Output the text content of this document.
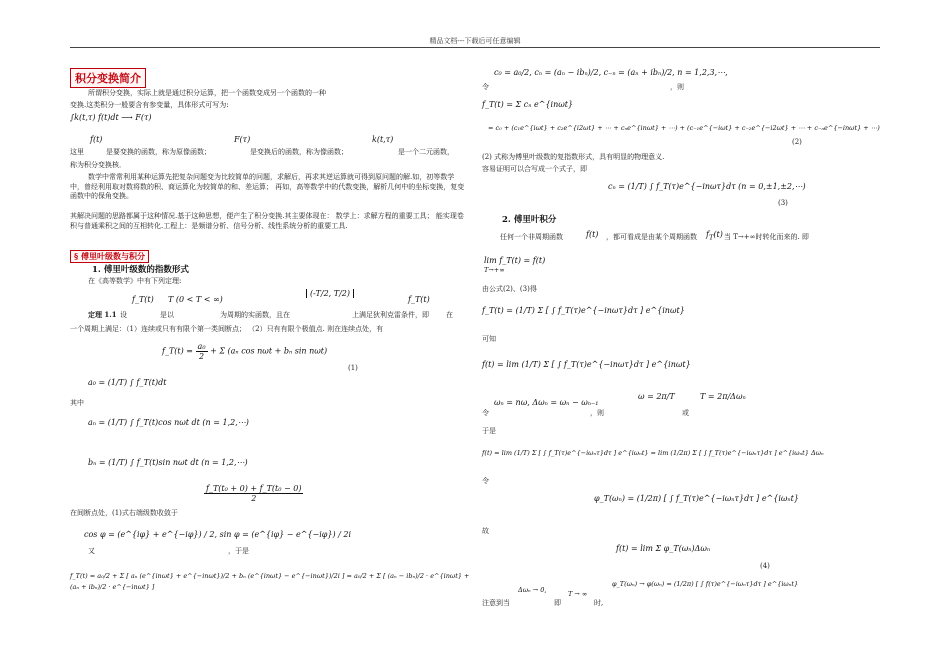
精品文档---下载后可任意编辑
积分变换简介
所谓积分变换，实际上就是通过积分运算，把一个函数变成另一个函数的一种
变换.这类积分一般要含有参变量，具体形式可写为:
∫k(t,τ) f(t)dt ⟶ F(τ)
f(t)	F(τ)	k(t,τ)
这里	是要变换的函数，称为原像函数；	是变换后的函数，称为像函数；	是一个二元函数，
称为积分变换核．
数学中常常利用某种运算先把复杂问题变为比较简单的问题，求解后，再求其逆运算就可得到原问题的解.如，初等数学中，曾经利用取对数将数的积、商运算化为较简单的和、差运算； 再如，高等数学中的代数变换，解析几何中的坐标变换，复变函数中的保角变换。
其解决问题的思路都属于这种情况.基于这种思想，便产生了积分变换.其主要体现在： 数学上：求解方程的重要工具； 能实现卷积与普通乘积之间的互相转化.工程上：是频谱分析、信号分析、线性系统分析的重要工具.
§ 傅里叶级数与积分
1. 傅里叶级数的指数形式
在《高等数学》中有下列定理:
f_T(t) T (0 < T < ∞)
(-T/2, T/2)
f_T(t)
定理 1.1 设	是以	为周期的实函数，且在	上满足狄利克雷条件，即 在
一个周期上满足：（1）连续或只有有限个第一类间断点； （2）只有有限个极值点. 则在连续点处，有
f_T(t) = $\frac{\text{a₀}}{2} + \Sigma$ (aₙ cos nωt + bₙ sin nωt)
(1)
a₀ = (1/T) ∫ f_T(t)dt
其中
aₙ = (1/T) ∫ f_T(t)cos nωt dt (n = 1,2,⋯)
bₙ = (1/T) ∫ f_T(t)sin nωt dt (n = 1,2,⋯)
$\frac{\text{f\_T(t₀ + 0) + f\_T(t₀ − 0)}}{2}$
在间断点处，(1)式右端级数收敛于
cos φ = (e^{iφ} + e^{−iφ}) / 2, sin φ = (e^{iφ} − e^{−iφ}) / 2i
又	，于是
f_T(t) = a₀/2 + Σ [ aₙ (e^{inωt} + e^{−inωt})/2 + bₙ (e^{inωt} − e^{−inωt})/2i ] = a₀/2 + Σ [ (aₙ − ibₙ)/2 · e^{inωt} + (aₙ + ibₙ)/2 · e^{−inωt} ]
c₀ = a₀/2, cₙ = (aₙ − ibₙ)/2, c₋ₙ = (aₙ + ibₙ)/2, n = 1,2,3,⋯,
令	，则
f_T(t) = Σ cₙ e^{inωt}
= c₀ + (c₁e^{iωt} + c₂e^{i2ωt} + ⋯ + cₙe^{inωt} + ⋯) + (c₋₁e^{−iωt} + c₋₂e^{−i2ωt} + ⋯ + c₋ₙe^{−inωt} + ⋯)
(2)
(2) 式称为傅里叶级数的复指数形式，具有明显的物理意义.
容易证明可以合写成一个式子，即
cₙ = (1/T) ∫ f_T(τ)e^{−inωτ}dτ (n = 0,±1,±2,⋯)
(3)
2. 傅里叶积分
任何一个非周期函数	f(t) ，都可看成是由某个周期函数 $f_T(t)$ 当 T→+∞时转化而来的. 即
lim f_T(t) = f(t)
T→+∞
由公式(2)、(3)得
f_T(t) = (1/T) Σ [ ∫ f_T(τ)e^{−inωτ}dτ ] e^{inωt}
可知
f(t) = lim (1/T) Σ [ ∫ f_T(τ)e^{−inωτ}dτ ] e^{inωt}
ωₙ = nω, Δωₙ = ωₙ − ωₙ₋₁
ω = 2π/T	T = 2π/Δωₙ
令	，则	或
于是
f(t) = lim (1/T) Σ [ ∫ f_T(τ)e^{−iωₙτ}dτ ] e^{iωₙt} = lim (1/2π) Σ [ ∫ f_T(τ)e^{−iωₙτ}dτ ] e^{iωₙt} Δωₙ
令
φ_T(ωₙ) = (1/2π) [ ∫ f_T(τ)e^{−iωₙτ}dτ ] e^{iωₙt}
故
f(t) = lim Σ φ_T(ωₙ)Δωₙ
(4)
Δωₙ → 0,	T → ∞
φ_T(ωₙ) → φ(ωₙ) = (1/2π) [ ∫ f(τ)e^{−iωₙτ}dτ ] e^{iωₙt}
注意到当	即	时,
